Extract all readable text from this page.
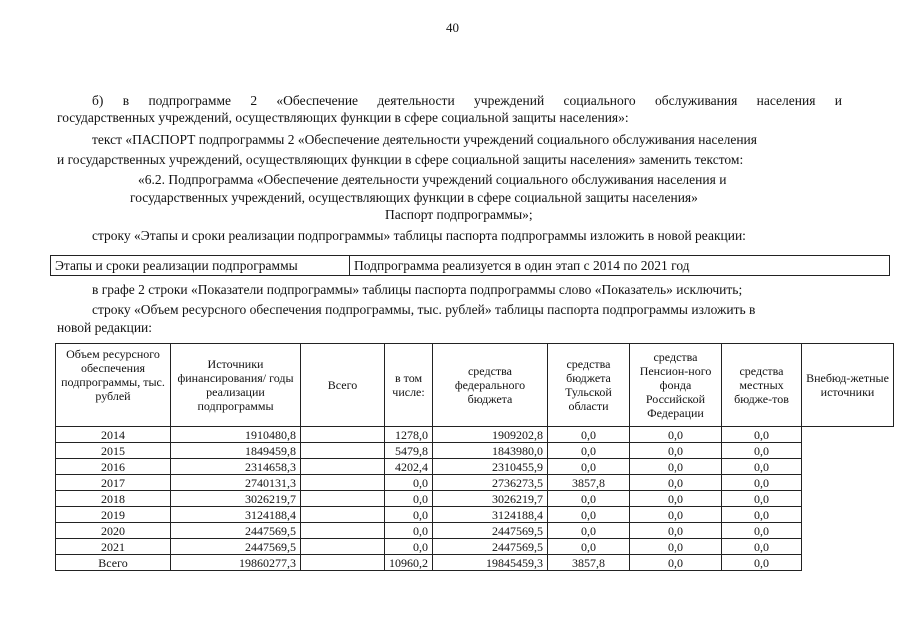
40
б) в подпрограмме 2 «Обеспечение деятельности учреждений социального обслуживания населения и
государственных учреждений, осуществляющих функции в сфере социальной защиты населения»:
текст «ПАСПОРТ подпрограммы 2 «Обеспечение деятельности учреждений социального обслуживания населения
и государственных учреждений, осуществляющих функции в сфере социальной защиты населения» заменить текстом:
«6.2. Подпрограмма «Обеспечение деятельности учреждений социального обслуживания населения и
государственных учреждений, осуществляющих функции в сфере социальной защиты населения»
Паспорт подпрограммы»;
строку «Этапы и сроки реализации подпрограммы» таблицы паспорта подпрограммы изложить в новой реакции:
Этапы и сроки реализации подпрограммы	Подпрограмма реализуется в один этап с 2014 по 2021 год
в графе 2 строки «Показатели подпрограммы» таблицы паспорта подпрограммы слово «Показатель» исключить;
строку «Объем ресурсного обеспечения подпрограммы, тыс. рублей» таблицы паспорта подпрограммы изложить в
новой редакции:
Объем ресурсного обеспечения подпрограммы, тыс. рублей	Источники финансирования/ годы реализации подпрограммы	Всего	в том числе:	средства федерального бюджета	средства бюджета Тульской области	средства Пенсион-ного фонда Российской Федерации	средства местных бюдже-тов	Внебюд-жетные источники
2014	1910480,8		1278,0	1909202,8	0,0	0,0	0,0	
2015	1849459,8		5479,8	1843980,0	0,0	0,0	0,0	
2016	2314658,3		4202,4	2310455,9	0,0	0,0	0,0	
2017	2740131,3		0,0	2736273,5	3857,8	0,0	0,0	
2018	3026219,7		0,0	3026219,7	0,0	0,0	0,0	
2019	3124188,4		0,0	3124188,4	0,0	0,0	0,0	
2020	2447569,5		0,0	2447569,5	0,0	0,0	0,0	
2021	2447569,5		0,0	2447569,5	0,0	0,0	0,0	
Всего	19860277,3		10960,2	19845459,3	3857,8	0,0	0,0	
